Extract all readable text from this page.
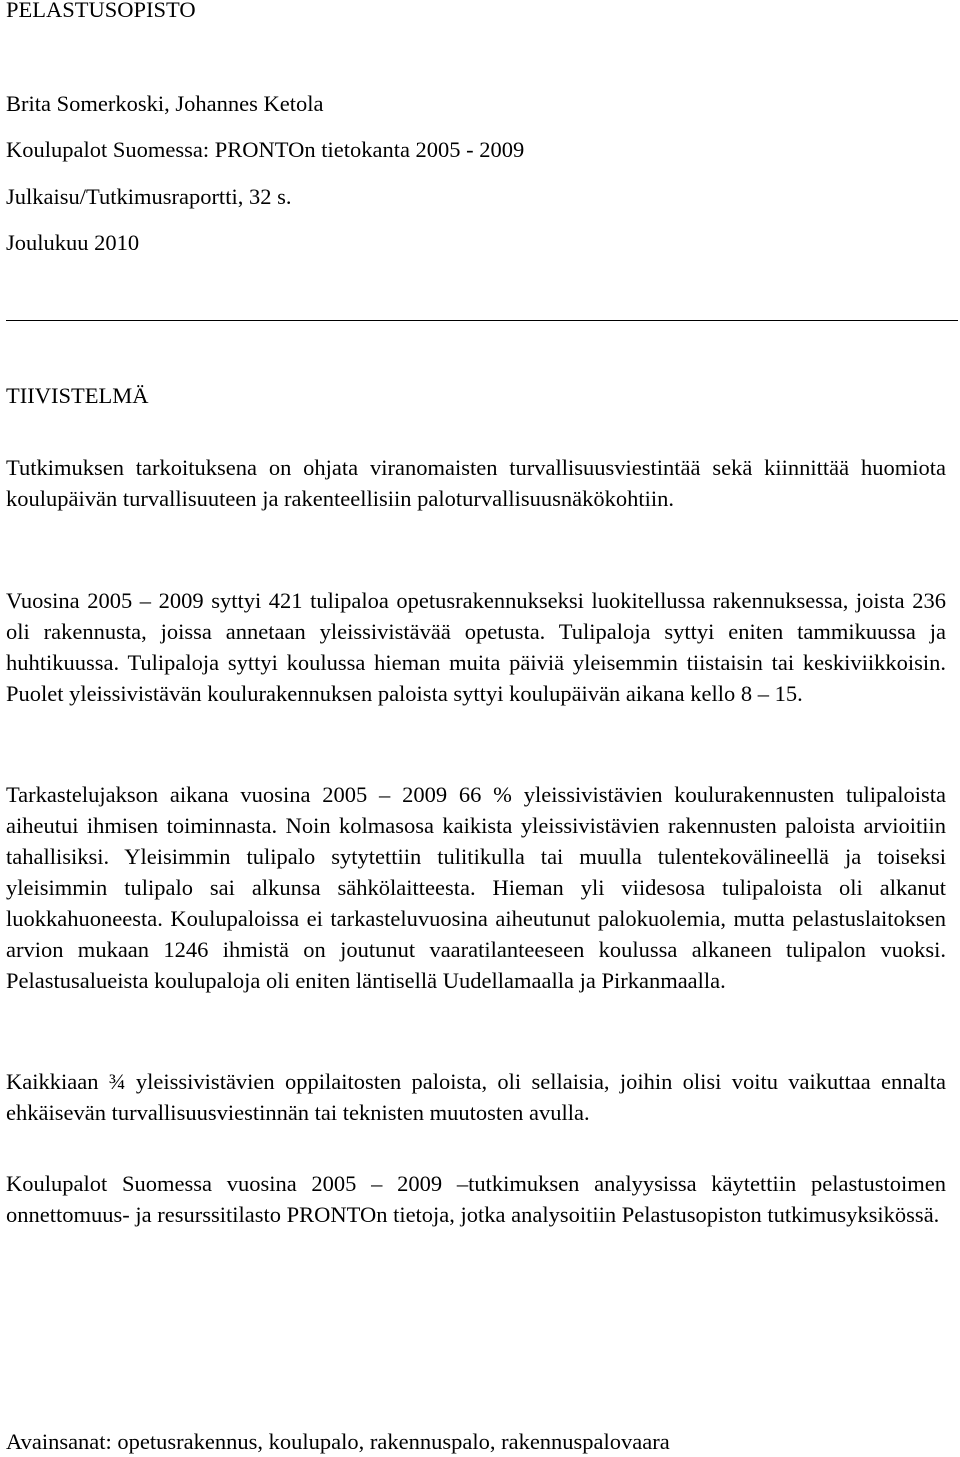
PELASTUSOPISTO
Brita Somerkoski, Johannes Ketola
Koulupalot Suomessa: PRONTOn tietokanta 2005 - 2009
Julkaisu/Tutkimusraportti, 32 s.
Joulukuu 2010
TIIVISTELMÄ

Tutkimuksen tarkoituksena on ohjata viranomaisten turvallisuusviestintää sekä kiinnittää huomiota koulupäivän turvallisuuteen ja rakenteellisiin paloturvallisuusnäkökohtiin.

Vuosina 2005 – 2009 syttyi 421 tulipaloa opetusrakennukseksi luokitellussa rakennuksessa, joista 236 oli rakennusta, joissa annetaan yleissivistävää opetusta. Tulipaloja syttyi eniten tammikuussa ja huhtikuussa. Tulipaloja syttyi koulussa hieman muita päiviä yleisemmin tiistaisin tai keskiviikkoisin. Puolet yleissivistävän koulurakennuksen paloista syttyi koulupäivän aikana kello 8 – 15.

Tarkastelujakson aikana vuosina 2005 – 2009 66 % yleissivistävien koulurakennusten tulipaloista aiheutui ihmisen toiminnasta. Noin kolmasosa kaikista yleissivistävien rakennusten paloista arvioitiin tahallisiksi. Yleisimmin tulipalo sytytettiin tulitikulla tai muulla tulentekovälineellä ja toiseksi yleisimmin tulipalo sai alkunsa sähkölaitteesta. Hieman yli viidesosa tulipaloista oli alkanut luokkahuoneesta. Koulupaloissa ei tarkasteluvuosina aiheutunut palokuolemia, mutta pelastuslaitoksen arvion mukaan 1246 ihmistä on joutunut vaaratilanteeseen koulussa alkaneen tulipalon vuoksi. Pelastusalueista koulupaloja oli eniten läntisellä Uudellamaalla ja Pirkanmaalla.

Kaikkiaan ¾ yleissivistävien oppilaitosten paloista, oli sellaisia, joihin olisi voitu vaikuttaa ennalta ehkäisevän turvallisuusviestinnän tai teknisten muutosten avulla.

Koulupalot Suomessa vuosina 2005 – 2009 –tutkimuksen analyysissa käytettiin pelastustoimen onnettomuus- ja resurssitilasto PRONTOn tietoja, jotka analysoitiin Pelastusopiston tutkimusyksikössä.

Avainsanat: opetusrakennus, koulupalo, rakennuspalo, rakennuspalovaara
